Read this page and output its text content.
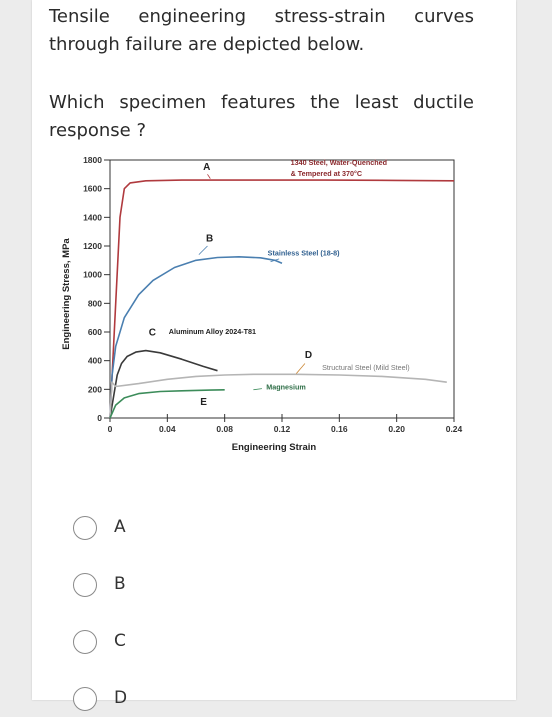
Tensile engineering stress-strain curves through failure are depicted below.
Which specimen features the least ductile response ?
0
200
400
600
800
1000
1200
1400
1600
1800
0	0.04	0.08	0.12	0.16	0.20	0.24
Engineering Strain
Engineering Stress, MPa
A
B
C
D
E
1340 Steel, Water-Quenched
& Tempered at 370°C
Stainless Steel (18-8)
Aluminum Alloy 2024-T81
Structural Steel (Mild Steel)
Magnesium
A
B
C
D
